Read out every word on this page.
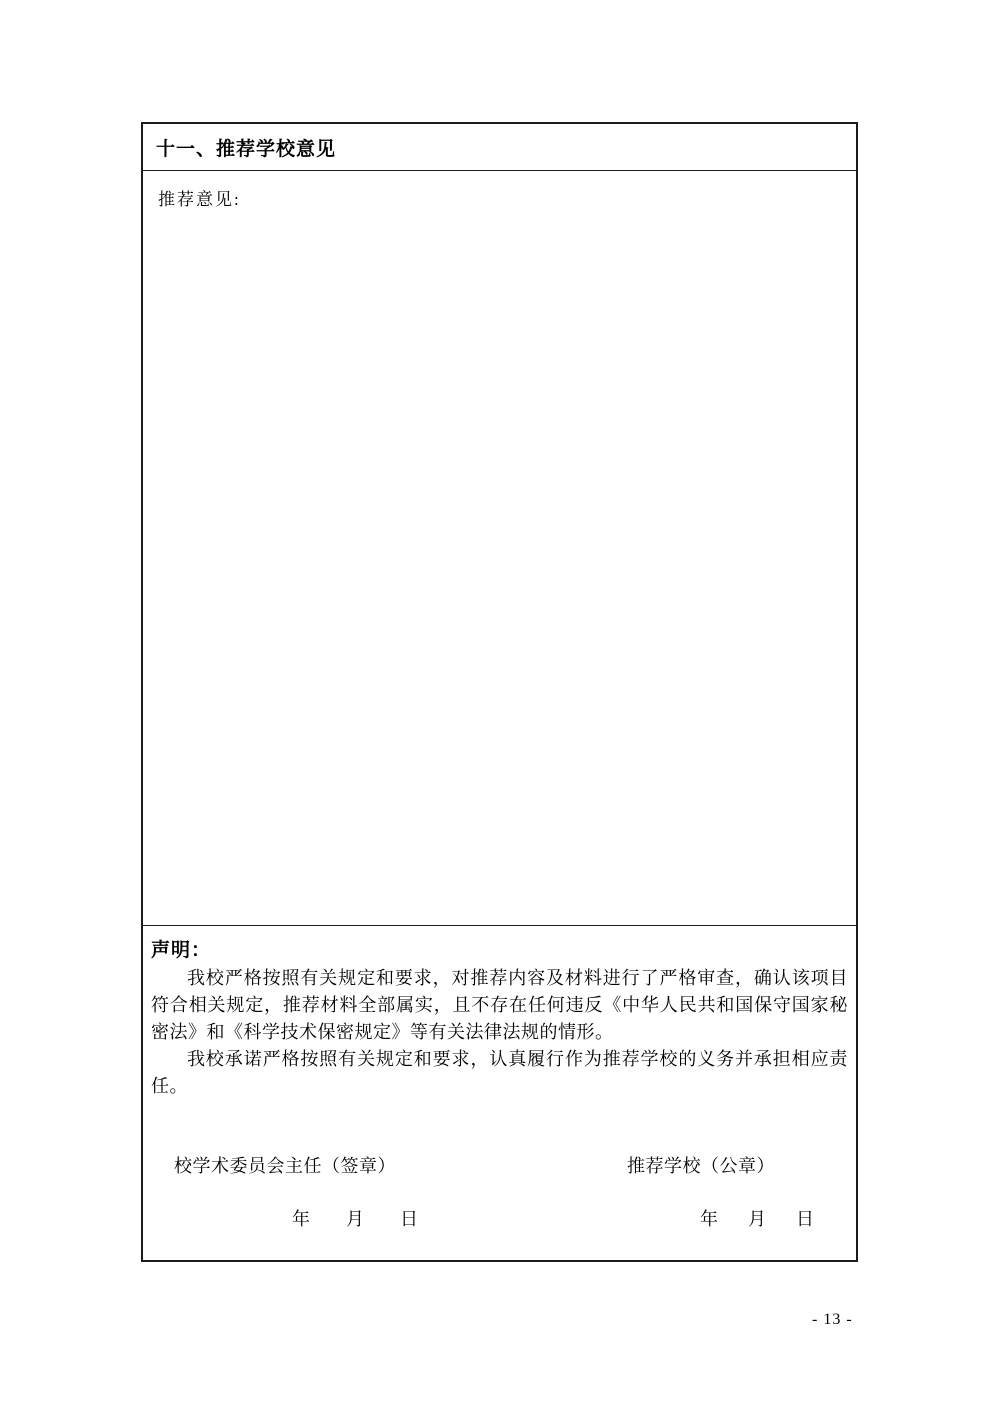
十一、推荐学校意见
推荐意见:
声明：

我校严格按照有关规定和要求，对推荐内容及材料进行了严格审查，确认该项目符合相关规定，推荐材料全部属实，且不存在任何违反《中华人民共和国保守国家秘密法》和《科学技术保密规定》等有关法律法规的情形。

我校承诺严格按照有关规定和要求，认真履行作为推荐学校的义务并承担相应责任。

校学术委员会主任（签章）	推荐学校（公章）
年 月 日	年 月 日
- 13 -
